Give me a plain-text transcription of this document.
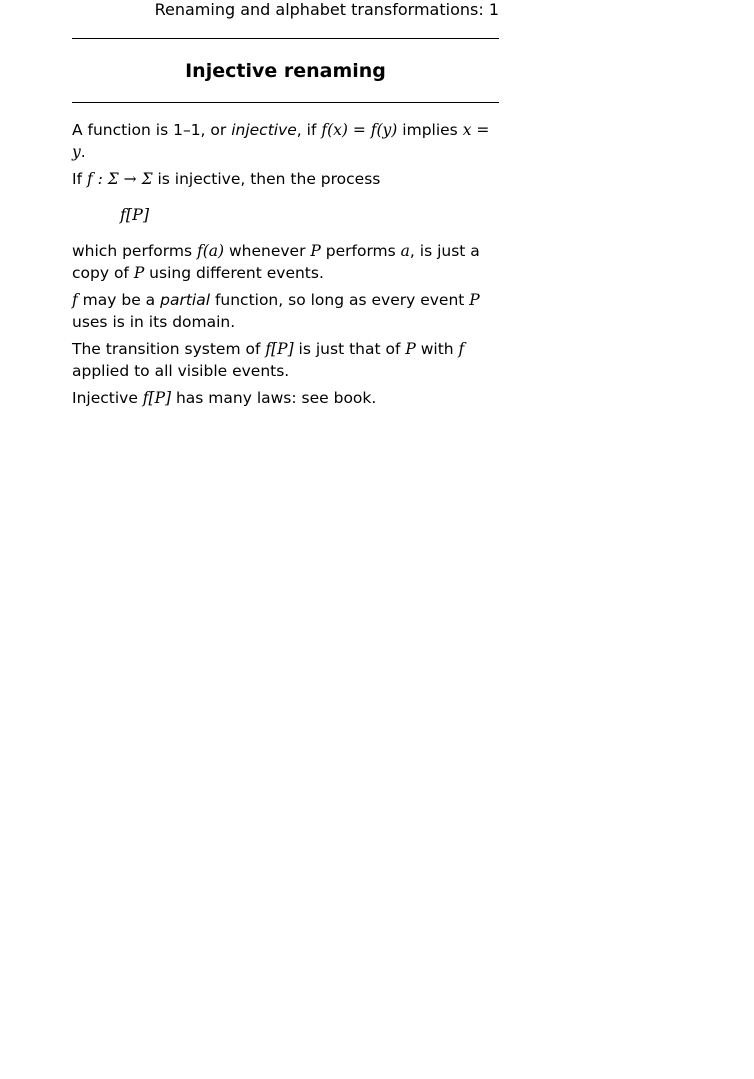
Renaming and alphabet transformations: 1
Injective renaming

A function is 1–1, or injective, if f(x) = f(y) implies x = y.

If f : Σ → Σ is injective, then the process

f[P]

which performs f(a) whenever P performs a, is just a copy of P using different events.

f may be a partial function, so long as every event P uses is in its domain.

The transition system of f[P] is just that of P with f applied to all visible events.

Injective f[P] has many laws: see book.
